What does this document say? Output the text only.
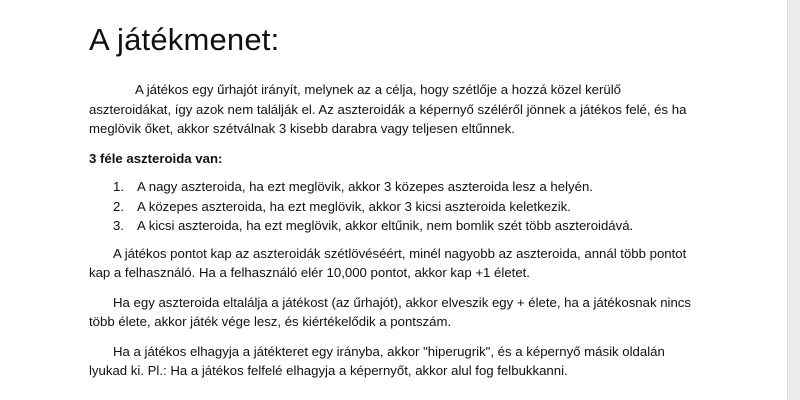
A játékmenet:

A játékos egy űrhajót irányít, melynek az a célja, hogy szétlője a hozzá közel kerülő aszteroidákat, így azok nem találják el. Az aszteroidák a képernyő széléről jönnek a játékos felé, és ha meglövik őket, akkor szétválnak 3 kisebb darabra vagy teljesen eltűnnek.

3 féle aszteroida van:

1. A nagy aszteroida, ha ezt meglövik, akkor 3 közepes aszteroida lesz a helyén.
2. A közepes aszteroida, ha ezt meglövik, akkor 3 kicsi aszteroida keletkezik.
3. A kicsi aszteroida, ha ezt meglövik, akkor eltűnik, nem bomlik szét több aszteroidává.

A játékos pontot kap az aszteroidák szétlövéséért, minél nagyobb az aszteroida, annál több pontot kap a felhasználó. Ha a felhasználó elér 10,000 pontot, akkor kap +1 életet.

Ha egy aszteroida eltalálja a játékost (az űrhajót), akkor elveszik egy + élete, ha a játékosnak nincs több élete, akkor játék vége lesz, és kiértékelődik a pontszám.

Ha a játékos elhagyja a játékteret egy irányba, akkor "hiperugrik", és a képernyő másik oldalán lyukad ki. Pl.: Ha a játékos felfelé elhagyja a képernyőt, akkor alul fog felbukkanni.
